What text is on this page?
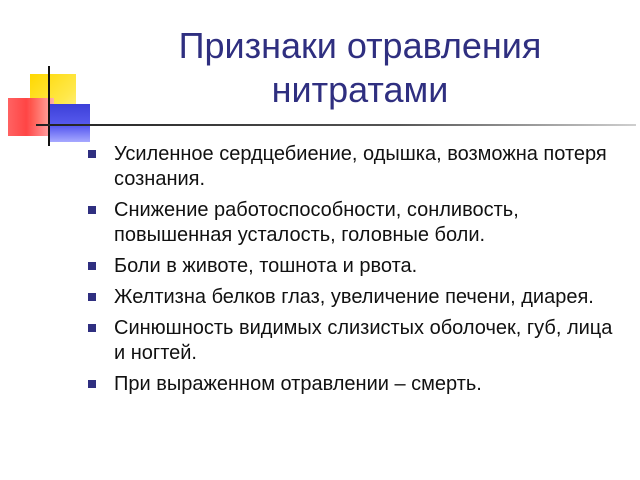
Признаки отравления
нитратами
Усиленное сердцебиение, одышка, возможна потеря сознания.
Снижение работоспособности, сонливость, повышенная усталость, головные боли.
Боли в животе, тошнота и рвота.
Желтизна белков глаз, увеличение печени, диарея.
Синюшность видимых слизистых оболочек, губ, лица и ногтей.
При выраженном отравлении – смерть.
